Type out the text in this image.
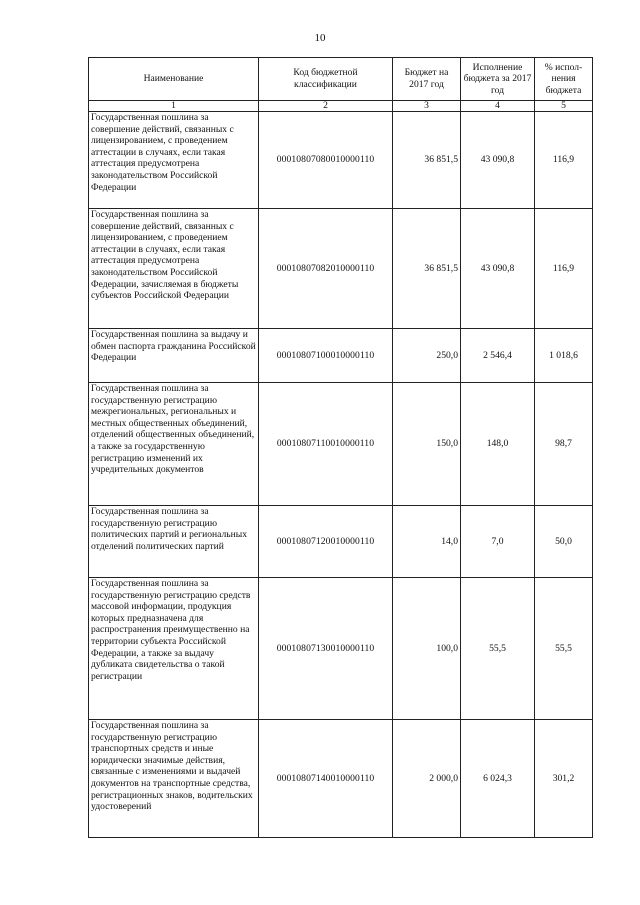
10
Наименование	Код бюджетной классификации	Бюджет на 2017 год	Исполнение бюджета за 2017 год	% испол-нения бюджета
1	2	3	4	5
Государственная пошлина за совершение действий, связанных с лицензированием, с проведением аттестации в случаях, если такая аттестация предусмотрена законодательством Российской Федерации	00010807080010000110	36 851,5	43 090,8	116,9
Государственная пошлина за совершение действий, связанных с лицензированием, с проведением аттестации в случаях, если такая аттестация предусмотрена законодательством Российской Федерации, зачисляемая в бюджеты субъектов Российской Федерации	00010807082010000110	36 851,5	43 090,8	116,9
Государственная пошлина за выдачу и обмен паспорта гражданина Российской Федерации	00010807100010000110	250,0	2 546,4	1 018,6
Государственная пошлина за государственную регистрацию межрегиональных, региональных и местных общественных объединений, отделений общественных объединений, а также за государственную регистрацию изменений их учредительных документов	00010807110010000110	150,0	148,0	98,7
Государственная пошлина за государственную регистрацию политических партий и региональных отделений политических партий	00010807120010000110	14,0	7,0	50,0
Государственная пошлина за государственную регистрацию средств массовой информации, продукция которых предназначена для распространения преимущественно на территории субъекта Российской Федерации, а также за выдачу дубликата свидетельства о такой регистрации	00010807130010000110	100,0	55,5	55,5
Государственная пошлина за государственную регистрацию транспортных средств и иные юридически значимые действия, связанные с изменениями и выдачей документов на транспортные средства, регистрационных знаков, водительских удостоверений	00010807140010000110	2 000,0	6 024,3	301,2
